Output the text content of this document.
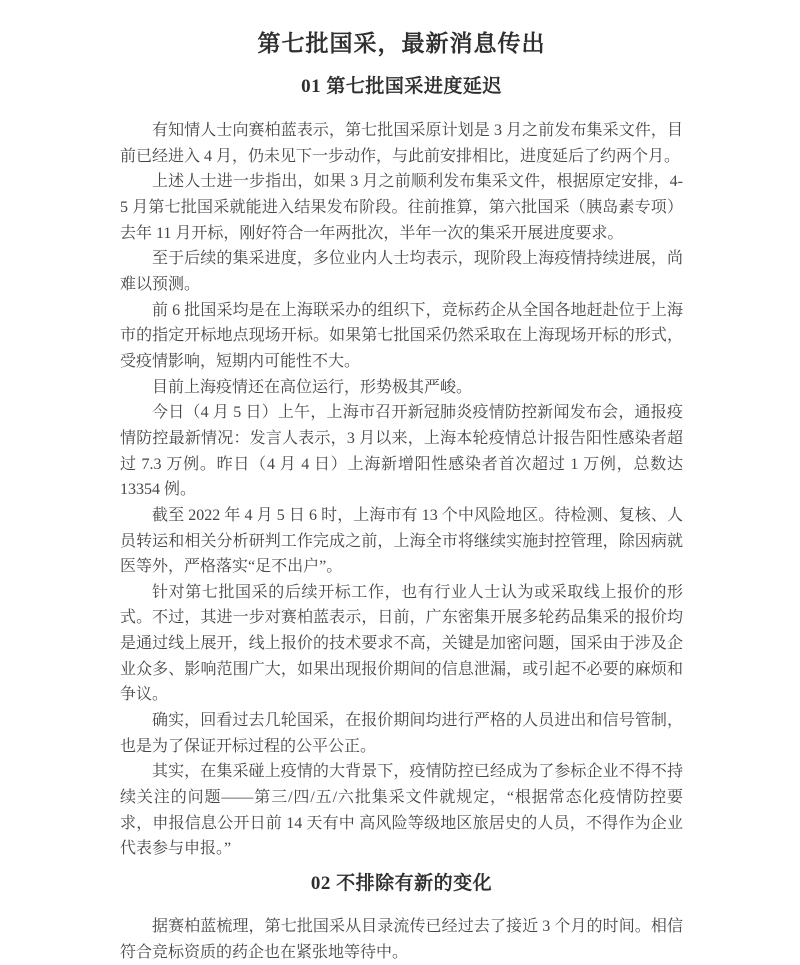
第七批国采，最新消息传出
01 第七批国采进度延迟

有知情人士向赛柏蓝表示，第七批国采原计划是 3 月之前发布集采文件，目前已经进入 4 月，仍未见下一步动作，与此前安排相比，进度延后了约两个月。

上述人士进一步指出，如果 3 月之前顺利发布集采文件，根据原定安排，4-5 月第七批国采就能进入结果发布阶段。往前推算，第六批国采（胰岛素专项）去年 11 月开标，刚好符合一年两批次，半年一次的集采开展进度要求。

至于后续的集采进度，多位业内人士均表示，现阶段上海疫情持续进展，尚难以预测。

前 6 批国采均是在上海联采办的组织下，竞标药企从全国各地赶赴位于上海市的指定开标地点现场开标。如果第七批国采仍然采取在上海现场开标的形式，受疫情影响，短期内可能性不大。

目前上海疫情还在高位运行，形势极其严峻。

今日（4 月 5 日）上午，上海市召开新冠肺炎疫情防控新闻发布会，通报疫情防控最新情况：发言人表示，3 月以来，上海本轮疫情总计报告阳性感染者超过 7.3 万例。昨日（4 月 4 日）上海新增阳性感染者首次超过 1 万例，总数达 13354 例。

截至 2022 年 4 月 5 日 6 时，上海市有 13 个中风险地区。待检测、复核、人员转运和相关分析研判工作完成之前，上海全市将继续实施封控管理，除因病就医等外，严格落实“足不出户”。

针对第七批国采的后续开标工作，也有行业人士认为或采取线上报价的形式。不过，其进一步对赛柏蓝表示，日前，广东密集开展多轮药品集采的报价均是通过线上展开，线上报价的技术要求不高，关键是加密问题，国采由于涉及企业众多、影响范围广大，如果出现报价期间的信息泄漏，或引起不必要的麻烦和争议。

确实，回看过去几轮国采，在报价期间均进行严格的人员进出和信号管制，也是为了保证开标过程的公平公正。

其实，在集采碰上疫情的大背景下，疫情防控已经成为了参标企业不得不持续关注的问题——第三/四/五/六批集采文件就规定，“根据常态化疫情防控要求，申报信息公开日前 14 天有中 高风险等级地区旅居史的人员，不得作为企业代表参与申报。”

02 不排除有新的变化

据赛柏蓝梳理，第七批国采从目录流传已经过去了接近 3 个月的时间。相信符合竞标资质的药企也在紧张地等待中。
